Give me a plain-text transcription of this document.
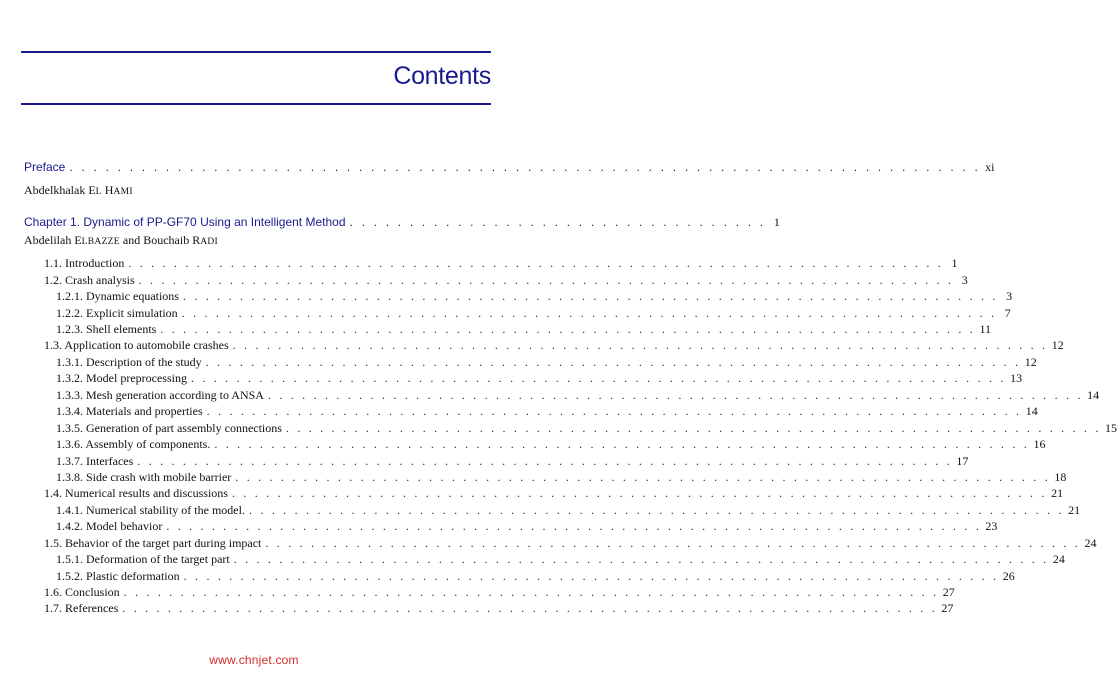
Contents
Preface . . . . . . . . . . . . . . . . . . . . . . . . . . . . . . . . . . . . . . . . . . . . . . . . . . . . . . . . . . . . . . . . . . . . . . . . . . . . xi
Abdelkhalak EL HAMI
Chapter 1. Dynamic of PP-GF70 Using an Intelligent Method . . . . . . . . . . . . . . . . . . . . . . . . . . . . . . . . . . . 1
Abdelilah ELBAZZE and Bouchaib RADI
1.1. Introduction . . . . . . . . . . . . . . . . . . . . . . . . . . . . . . . . . . . . . . . . . . . . . . . . . . . . . . . . . . . . . . . . . . . . . . . . 1
1.2. Crash analysis . . . . . . . . . . . . . . . . . . . . . . . . . . . . . . . . . . . . . . . . . . . . . . . . . . . . . . . . . . . . . . . . . . . . . . . . 3
1.2.1. Dynamic equations . . . . . . . . . . . . . . . . . . . . . . . . . . . . . . . . . . . . . . . . . . . . . . . . . . . . . . . . . . . . . . . . . . . . . . . . 3
1.2.2. Explicit simulation . . . . . . . . . . . . . . . . . . . . . . . . . . . . . . . . . . . . . . . . . . . . . . . . . . . . . . . . . . . . . . . . . . . . . . . . 7
1.2.3. Shell elements . . . . . . . . . . . . . . . . . . . . . . . . . . . . . . . . . . . . . . . . . . . . . . . . . . . . . . . . . . . . . . . . . . . . . . . . 11
1.3. Application to automobile crashes . . . . . . . . . . . . . . . . . . . . . . . . . . . . . . . . . . . . . . . . . . . . . . . . . . . . . . . . . . . . . . . . . . . . . . . . 12
1.3.1. Description of the study . . . . . . . . . . . . . . . . . . . . . . . . . . . . . . . . . . . . . . . . . . . . . . . . . . . . . . . . . . . . . . . . . . . . . . . . 12
1.3.2. Model preprocessing . . . . . . . . . . . . . . . . . . . . . . . . . . . . . . . . . . . . . . . . . . . . . . . . . . . . . . . . . . . . . . . . . . . . . . . . 13
1.3.3. Mesh generation according to ANSA . . . . . . . . . . . . . . . . . . . . . . . . . . . . . . . . . . . . . . . . . . . . . . . . . . . . . . . . . . . . . . . . . . . . . . . . 14
1.3.4. Materials and properties . . . . . . . . . . . . . . . . . . . . . . . . . . . . . . . . . . . . . . . . . . . . . . . . . . . . . . . . . . . . . . . . . . . . . . . . 14
1.3.5. Generation of part assembly connections . . . . . . . . . . . . . . . . . . . . . . . . . . . . . . . . . . . . . . . . . . . . . . . . . . . . . . . . . . . . . . . . . . . . . . . . 15
1.3.6. Assembly of components. . . . . . . . . . . . . . . . . . . . . . . . . . . . . . . . . . . . . . . . . . . . . . . . . . . . . . . . . . . . . . . . . . . . . . . . . 16
1.3.7. Interfaces . . . . . . . . . . . . . . . . . . . . . . . . . . . . . . . . . . . . . . . . . . . . . . . . . . . . . . . . . . . . . . . . . . . . . . . . 17
1.3.8. Side crash with mobile barrier . . . . . . . . . . . . . . . . . . . . . . . . . . . . . . . . . . . . . . . . . . . . . . . . . . . . . . . . . . . . . . . . . . . . . . . . 18
1.4. Numerical results and discussions . . . . . . . . . . . . . . . . . . . . . . . . . . . . . . . . . . . . . . . . . . . . . . . . . . . . . . . . . . . . . . . . . . . . . . . . 21
1.4.1. Numerical stability of the model. . . . . . . . . . . . . . . . . . . . . . . . . . . . . . . . . . . . . . . . . . . . . . . . . . . . . . . . . . . . . . . . . . . . . . . . . 21
1.4.2. Model behavior . . . . . . . . . . . . . . . . . . . . . . . . . . . . . . . . . . . . . . . . . . . . . . . . . . . . . . . . . . . . . . . . . . . . . . . . 23
1.5. Behavior of the target part during impact . . . . . . . . . . . . . . . . . . . . . . . . . . . . . . . . . . . . . . . . . . . . . . . . . . . . . . . . . . . . . . . . . . . . . . . . 24
1.5.1. Deformation of the target part . . . . . . . . . . . . . . . . . . . . . . . . . . . . . . . . . . . . . . . . . . . . . . . . . . . . . . . . . . . . . . . . . . . . . . . . 24
1.5.2. Plastic deformation . . . . . . . . . . . . . . . . . . . . . . . . . . . . . . . . . . . . . . . . . . . . . . . . . . . . . . . . . . . . . . . . . . . . . . . . 26
1.6. Conclusion . . . . . . . . . . . . . . . . . . . . . . . . . . . . . . . . . . . . . . . . . . . . . . . . . . . . . . . . . . . . . . . . . . . . . . . . 27
1.7. References . . . . . . . . . . . . . . . . . . . . . . . . . . . . . . . . . . . . . . . . . . . . . . . . . . . . . . . . . . . . . . . . . . . . . . . . 27
www.chnjet.com
